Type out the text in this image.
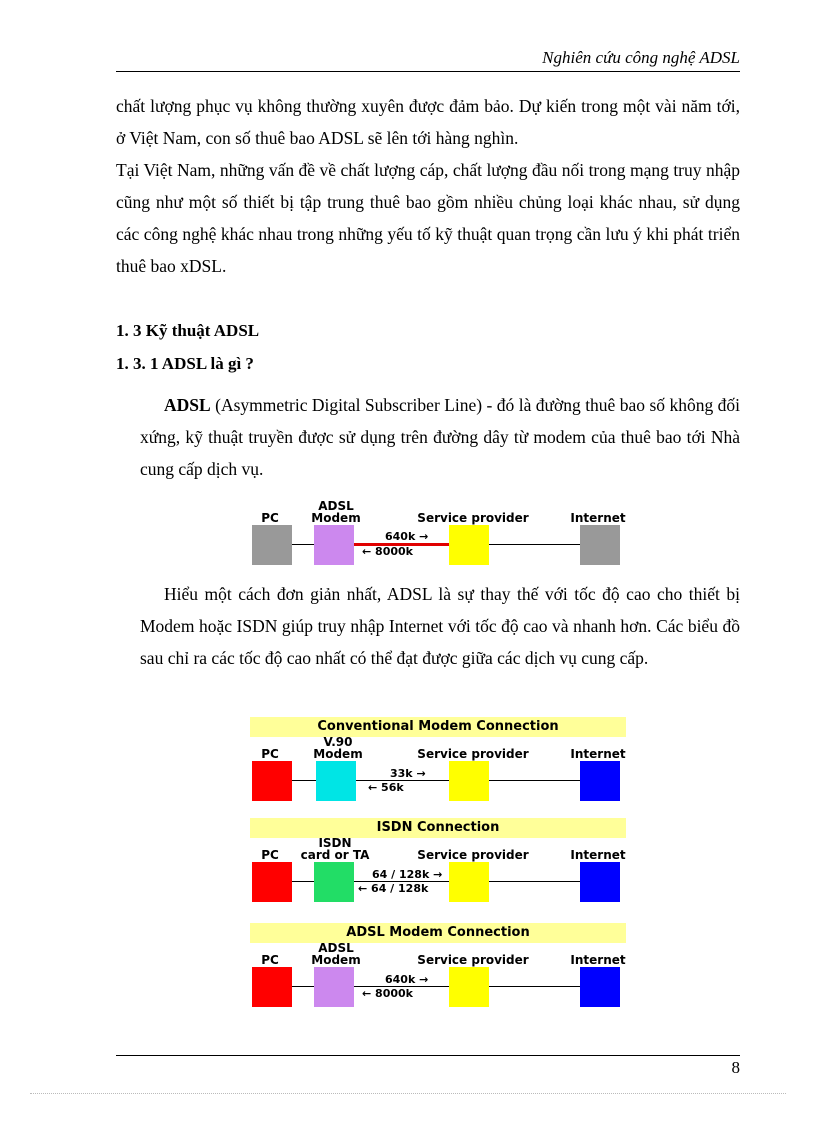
Nghiên cứu công nghệ ADSL

chất lượng phục vụ không thường xuyên được đảm bảo. Dự kiến trong một vài năm tới, ở Việt Nam, con số thuê bao ADSL sẽ lên tới hàng nghìn.

Tại Việt Nam, những vấn đề về chất lượng cáp, chất lượng đầu nối trong mạng truy nhập cũng như một số thiết bị tập trung thuê bao gồm nhiều chủng loại khác nhau, sử dụng các công nghệ khác nhau trong những yếu tố kỹ thuật quan trọng cần lưu ý khi phát triển thuê bao xDSL.

1. 3 Kỹ thuật ADSL
1. 3. 1 ADSL là gì ?

ADSL (Asymmetric Digital Subscriber Line) - đó là đường thuê bao số không đối xứng, kỹ thuật truyền được sử dụng trên đường dây từ modem của thuê bao tới Nhà cung cấp dịch vụ.

PC
ADSL
Modem	Service provider	Internet
640k →
← 8000k

Hiểu một cách đơn giản nhất, ADSL là sự thay thế với tốc độ cao cho thiết bị Modem hoặc ISDN giúp truy nhập Internet với tốc độ cao và nhanh hơn. Các biểu đồ sau chỉ ra các tốc độ cao nhất có thể đạt được giữa các dịch vụ cung cấp.

Conventional Modem Connection
PC
V.90
Modem	Service provider	Internet
33k →
← 56k
ISDN Connection
PC
ISDN
card or TA	Service provider	Internet
64 / 128k →
← 64 / 128k
ADSL Modem Connection
PC
ADSL
Modem	Service provider	Internet
640k →
← 8000k
8
